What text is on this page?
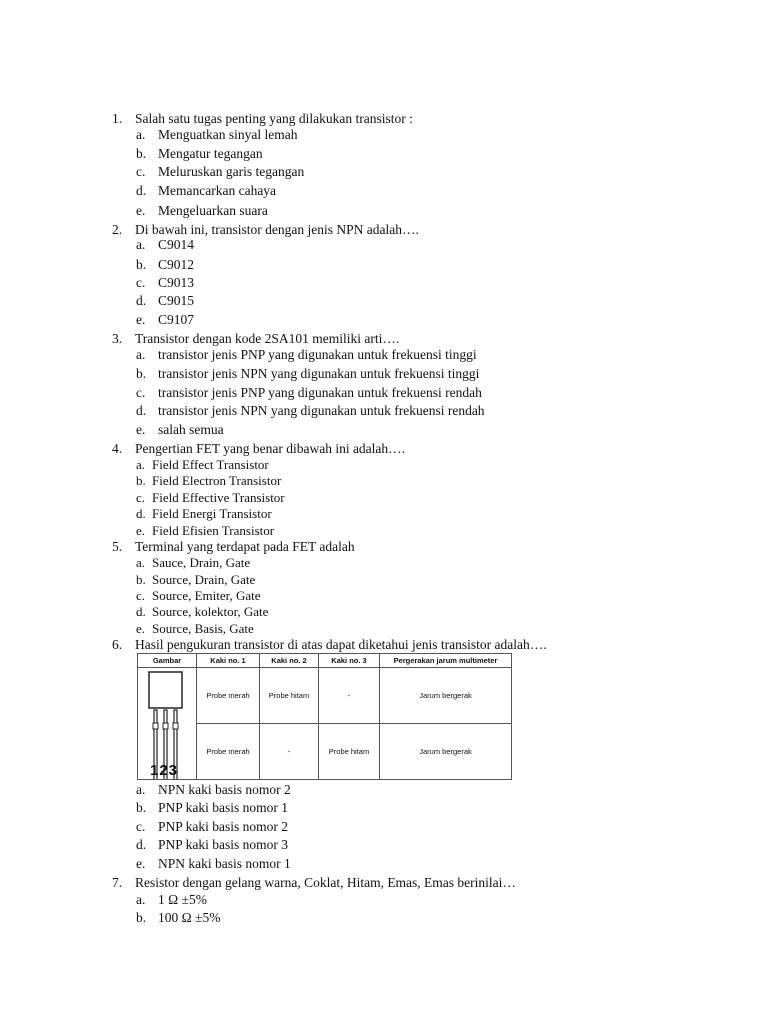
1. Salah satu tugas penting yang dilakukan transistor :
a. Menguatkan sinyal lemah
b. Mengatur tegangan
c. Meluruskan garis tegangan
d. Memancarkan cahaya
e. Mengeluarkan suara
2. Di bawah ini, transistor dengan jenis NPN adalah….
a. C9014
b. C9012
c. C9013
d. C9015
e. C9107
3. Transistor dengan kode 2SA101 memiliki arti….
a. transistor jenis PNP yang digunakan untuk frekuensi tinggi
b. transistor jenis NPN yang digunakan untuk frekuensi tinggi
c. transistor jenis PNP yang digunakan untuk frekuensi rendah
d. transistor jenis NPN yang digunakan untuk frekuensi rendah
e. salah semua
4. Pengertian FET yang benar dibawah ini adalah….
a. Field Effect Transistor
b. Field Electron Transistor
c. Field Effective Transistor
d. Field Energi Transistor
e. Field Efisien Transistor
5. Terminal yang terdapat pada FET adalah
a. Sauce, Drain, Gate
b. Source, Drain, Gate
c. Source, Emiter, Gate
d. Source, kolektor, Gate
e. Source, Basis, Gate
6. Hasil pengukuran transistor di atas dapat diketahui jenis transistor adalah….
Gambar	Kaki no. 1	Kaki no. 2	Kaki no. 3	Pergerakan jarum multimeter

123	Probe merah	Probe hitam	-	Jarum bergerak
	Probe merah	-	Probe hitam	Jarum bergerak
a. NPN kaki basis nomor 2
b. PNP kaki basis nomor 1
c. PNP kaki basis nomor 2
d. PNP kaki basis nomor 3
e. NPN kaki basis nomor 1
7. Resistor dengan gelang warna, Coklat, Hitam, Emas, Emas berinilai…
a. 1 Ω ±5%
b. 100 Ω ±5%
